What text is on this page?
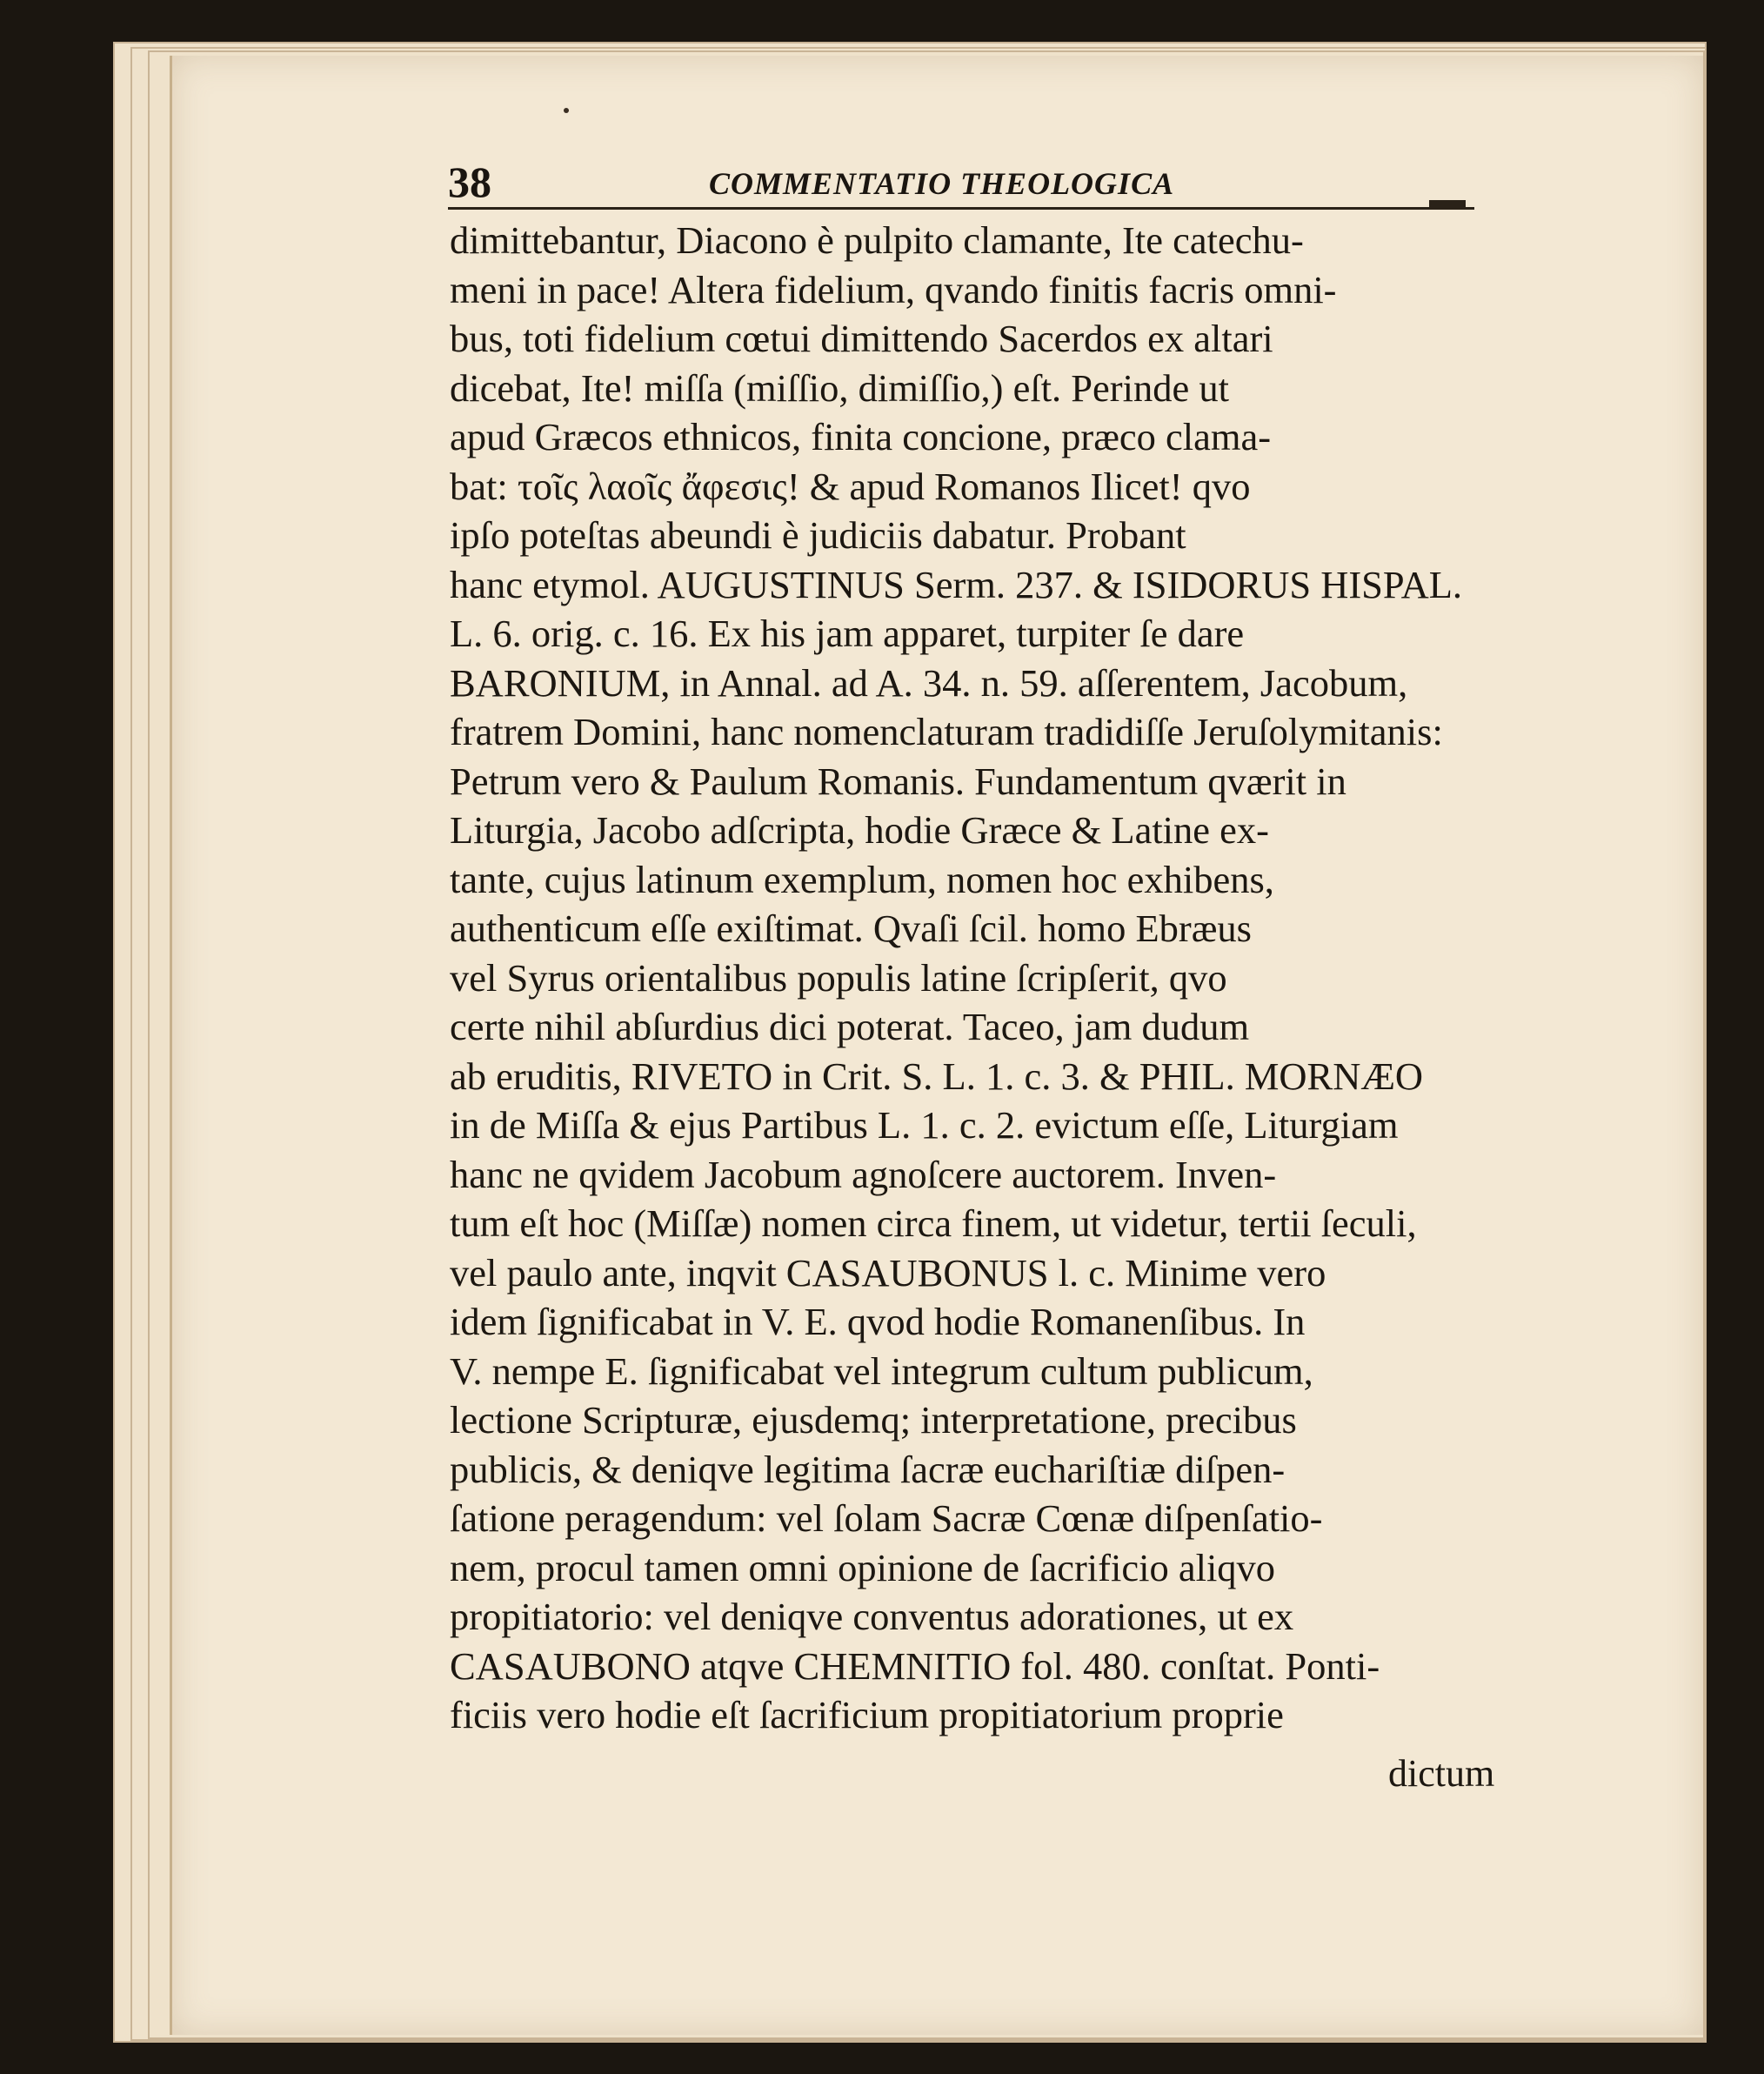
38	COMMENTATIO THEOLOGICA
dimittebantur, Diacono è pulpito clamante, Ite catechu-
meni in pace! Altera fidelium, qvando finitis facris omni-
bus, toti fidelium cœtui dimittendo Sacerdos ex altari
dicebat, Ite! miſſa (miſſio, dimiſſio,) eſt. Perinde ut
apud Græcos ethnicos, finita concione, præco clama-
bat: τοῖς λαοῖς ἄφεσις! & apud Romanos Ilicet! qvo
ipſo poteſtas abeundi è judiciis dabatur. Probant
hanc etymol. AUGUSTINUS Serm. 237. & ISIDORUS HISPAL.
L. 6. orig. c. 16. Ex his jam apparet, turpiter ſe dare
BARONIUM, in Annal. ad A. 34. n. 59. aſſerentem, Jacobum,
fratrem Domini, hanc nomenclaturam tradidiſſe Jeruſolymitanis:
Petrum vero & Paulum Romanis. Fundamentum qværit in
Liturgia, Jacobo adſcripta, hodie Græce & Latine ex-
tante, cujus latinum exemplum, nomen hoc exhibens,
authenticum eſſe exiſtimat. Qvaſi ſcil. homo Ebræus
vel Syrus orientalibus populis latine ſcripſerit, qvo
certe nihil abſurdius dici poterat. Taceo, jam dudum
ab eruditis, RIVETO in Crit. S. L. 1. c. 3. & PHIL. MORNÆO
in de Miſſa & ejus Partibus L. 1. c. 2. evictum eſſe, Liturgiam
hanc ne qvidem Jacobum agnoſcere auctorem. Inven-
tum eſt hoc (Miſſæ) nomen circa finem, ut videtur, tertii ſeculi,
vel paulo ante, inqvit CASAUBONUS l. c. Minime vero
idem ſignificabat in V. E. qvod hodie Romanenſibus. In
V. nempe E. ſignificabat vel integrum cultum publicum,
lectione Scripturæ, ejusdemq; interpretatione, precibus
publicis, & deniqve legitima ſacræ euchariſtiæ diſpen-
ſatione peragendum: vel ſolam Sacræ Cœnæ diſpenſatio-
nem, procul tamen omni opinione de ſacrificio aliqvo
propitiatorio: vel deniqve conventus adorationes, ut ex
CASAUBONO atqve CHEMNITIO fol. 480. conſtat. Ponti-
ficiis vero hodie eſt ſacrificium propitiatorium proprie
dictum
